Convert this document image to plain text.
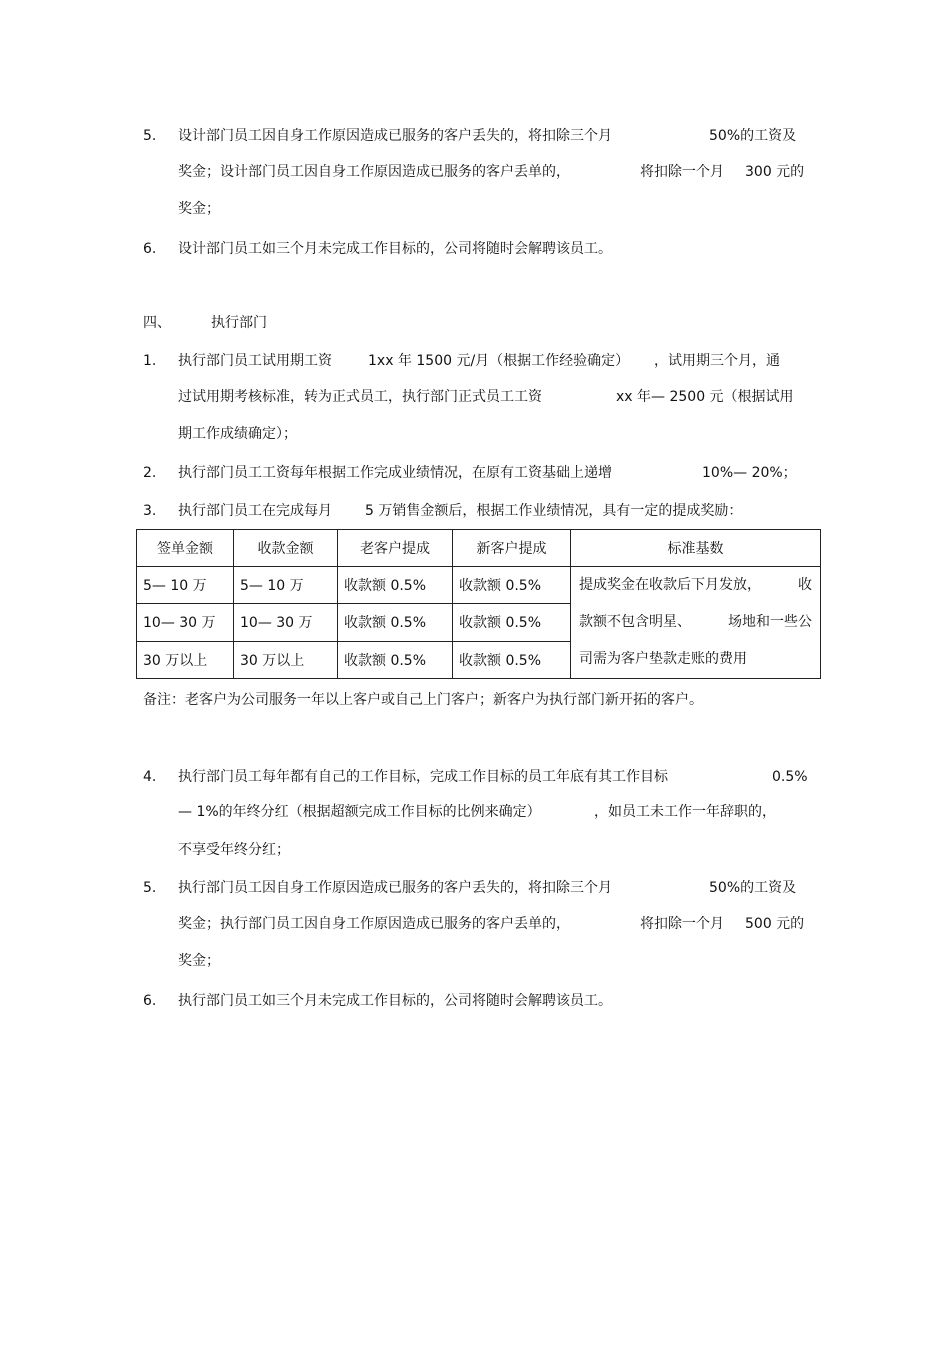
5. 设计部门员工因自身工作原因造成已服务的客户丢失的，将扣除三个月	50%的工资及
奖金；设计部门员工因自身工作原因造成已服务的客户丢单的，	将扣除一个月 300 元的
奖金；
6. 设计部门员工如三个月未完成工作目标的，公司将随时会解聘该员工。
四、	执行部门
1. 执行部门员工试用期工资	1xx 年 1500 元/月（根据工作经验确定） ，试用期三个月，通
过试用期考核标准，转为正式员工，执行部门正式员工工资	xx 年— 2500 元（根据试用
期工作成绩确定）；
2. 执行部门员工工资每年根据工作完成业绩情况，在原有工资基础上递增	10%— 20%；
3. 执行部门员工在完成每月 5 万销售金额后，根据工作业绩情况，具有一定的提成奖励：
签单金额	收款金额	老客户提成	新客户提成	标准基数
5— 10 万	5— 10 万	收款额 0.5%	收款额 0.5%	提成奖金在收款后下月发放， 收
款额不包含明星、 场地和一些公
司需为客户垫款走账的费用

10— 30 万	10— 30 万	收款额 0.5%	收款额 0.5%	
30 万以上	30 万以上	收款额 0.5%	收款额 0.5%	
备注：老客户为公司服务一年以上客户或自己上门客户；新客户为执行部门新开拓的客户。
4. 执行部门员工每年都有自己的工作目标，完成工作目标的员工年底有其工作目标	0.5%
— 1%的年终分红（根据超额完成工作目标的比例来确定）	，如员工未工作一年辞职的，
不享受年终分红；
5. 执行部门员工因自身工作原因造成已服务的客户丢失的，将扣除三个月	50%的工资及
奖金；执行部门员工因自身工作原因造成已服务的客户丢单的，	将扣除一个月 500 元的
奖金；
6. 执行部门员工如三个月未完成工作目标的，公司将随时会解聘该员工。
